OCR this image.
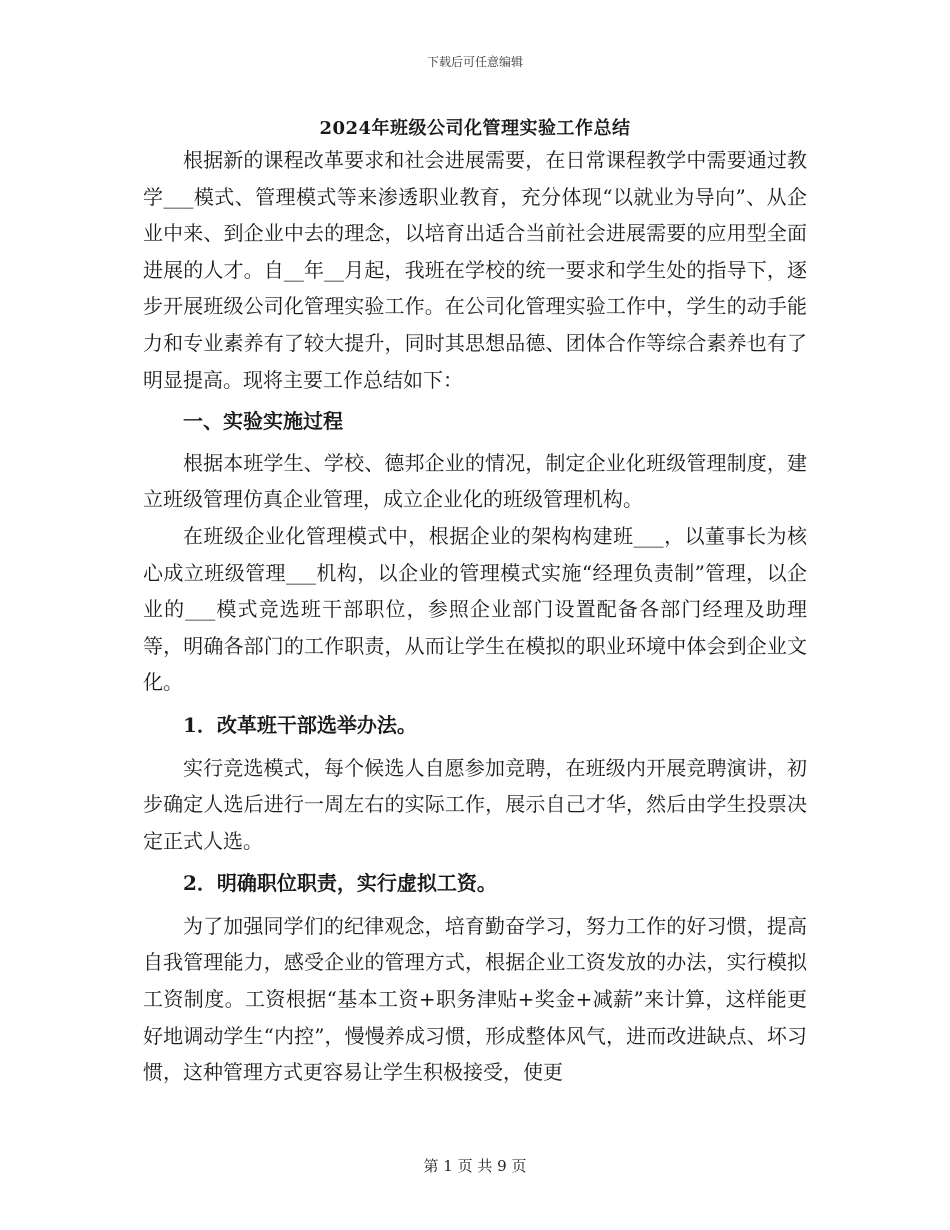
下载后可任意编辑
2024年班级公司化管理实验工作总结

根据新的课程改革要求和社会进展需要，在日常课程教学中需要通过教学___模式、管理模式等来渗透职业教育，充分体现“以就业为导向”、从企业中来、到企业中去的理念，以培育出适合当前社会进展需要的应用型全面进展的人才。自__年__月起，我班在学校的统一要求和学生处的指导下，逐步开展班级公司化管理实验工作。在公司化管理实验工作中，学生的动手能力和专业素养有了较大提升，同时其思想品德、团体合作等综合素养也有了明显提高。现将主要工作总结如下：

一、实验实施过程

根据本班学生、学校、德邦企业的情况，制定企业化班级管理制度，建立班级管理仿真企业管理，成立企业化的班级管理机构。

在班级企业化管理模式中，根据企业的架构构建班___，以董事长为核心成立班级管理___机构，以企业的管理模式实施“经理负责制”管理，以企业的___模式竞选班干部职位，参照企业部门设置配备各部门经理及助理等，明确各部门的工作职责，从而让学生在模拟的职业环境中体会到企业文化。

1．改革班干部选举办法。

实行竞选模式，每个候选人自愿参加竞聘，在班级内开展竞聘演讲，初步确定人选后进行一周左右的实际工作，展示自己才华，然后由学生投票决定正式人选。

2．明确职位职责，实行虚拟工资。

为了加强同学们的纪律观念，培育勤奋学习，努力工作的好习惯，提高自我管理能力，感受企业的管理方式，根据企业工资发放的办法，实行模拟工资制度。工资根据“基本工资+职务津贴+奖金+减薪”来计算，这样能更好地调动学生“内控”，慢慢养成习惯，形成整体风气，进而改进缺点、坏习惯，这种管理方式更容易让学生积极接受，使更

第 1 页 共 9 页
